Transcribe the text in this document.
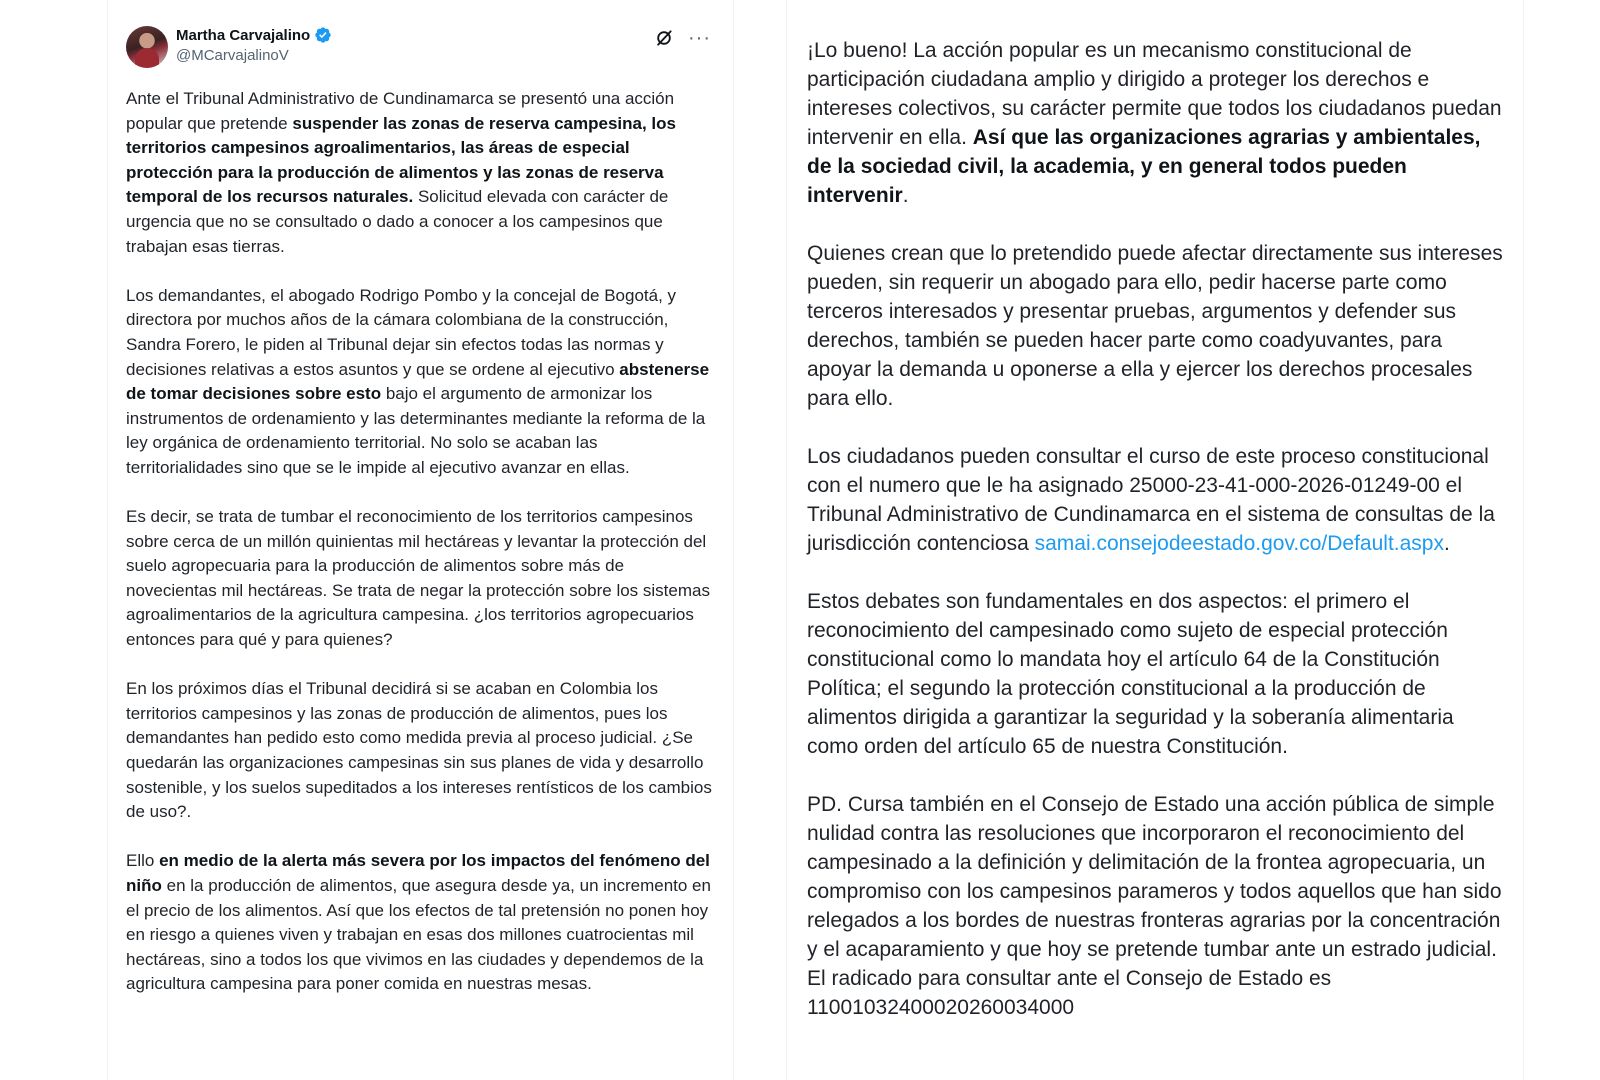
Martha Carvajalino
@MCarvajalinoV
···

Ante el Tribunal Administrativo de Cundinamarca se presentó una acción popular que pretende suspender las zonas de reserva campesina, los territorios campesinos agroalimentarios, las áreas de especial protección para la producción de alimentos y las zonas de reserva temporal de los recursos naturales. Solicitud elevada con carácter de urgencia que no se consultado o dado a conocer a los campesinos que trabajan esas tierras.

Los demandantes, el abogado Rodrigo Pombo y la concejal de Bogotá, y directora por muchos años de la cámara colombiana de la construcción, Sandra Forero, le piden al Tribunal dejar sin efectos todas las normas y decisiones relativas a estos asuntos y que se ordene al ejecutivo abstenerse de tomar decisiones sobre esto bajo el argumento de armonizar los instrumentos de ordenamiento y las determinantes mediante la reforma de la ley orgánica de ordenamiento territorial. No solo se acaban las territorialidades sino que se le impide al ejecutivo avanzar en ellas.

Es decir, se trata de tumbar el reconocimiento de los territorios campesinos sobre cerca de un millón quinientas mil hectáreas y levantar la protección del suelo agropecuaria para la producción de alimentos sobre más de novecientas mil hectáreas. Se trata de negar la protección sobre los sistemas agroalimentarios de la agricultura campesina. ¿los territorios agropecuarios entonces para qué y para quienes?

En los próximos días el Tribunal decidirá si se acaban en Colombia los territorios campesinos y las zonas de producción de alimentos, pues los demandantes han pedido esto como medida previa al proceso judicial. ¿Se quedarán las organizaciones campesinas sin sus planes de vida y desarrollo sostenible, y los suelos supeditados a los intereses rentísticos de los cambios de uso?.

Ello en medio de la alerta más severa por los impactos del fenómeno del niño en la producción de alimentos, que asegura desde ya, un incremento en el precio de los alimentos. Así que los efectos de tal pretensión no ponen hoy en riesgo a quienes viven y trabajan en esas dos millones cuatrocientas mil hectáreas, sino a todos los que vivimos en las ciudades y dependemos de la agricultura campesina para poner comida en nuestras mesas.

¡Lo bueno! La acción popular es un mecanismo constitucional de participación ciudadana amplio y dirigido a proteger los derechos e intereses colectivos, su carácter permite que todos los ciudadanos puedan intervenir en ella. Así que las organizaciones agrarias y ambientales, de la sociedad civil, la academia, y en general todos pueden intervenir.

Quienes crean que lo pretendido puede afectar directamente sus intereses pueden, sin requerir un abogado para ello, pedir hacerse parte como terceros interesados y presentar pruebas, argumentos y defender sus derechos, también se pueden hacer parte como coadyuvantes, para apoyar la demanda u oponerse a ella y ejercer los derechos procesales para ello.

Los ciudadanos pueden consultar el curso de este proceso constitucional con el numero que le ha asignado 25000-23-41-000-2026-01249-00 el Tribunal Administrativo de Cundinamarca en el sistema de consultas de la jurisdicción contenciosa samai.consejodeestado.gov.co/Default.aspx.

Estos debates son fundamentales en dos aspectos: el primero el reconocimiento del campesinado como sujeto de especial protección constitucional como lo mandata hoy el artículo 64 de la Constitución Política; el segundo la protección constitucional a la producción de alimentos dirigida a garantizar la seguridad y la soberanía alimentaria como orden del artículo 65 de nuestra Constitución.

PD. Cursa también en el Consejo de Estado una acción pública de simple nulidad contra las resoluciones que incorporaron el reconocimiento del campesinado a la definición y delimitación de la frontea agropecuaria, un compromiso con los campesinos parameros y todos aquellos que han sido relegados a los bordes de nuestras fronteras agrarias por la concentración y el acaparamiento y que hoy se pretende tumbar ante un estrado judicial. El radicado para consultar ante el Consejo de Estado es 11001032400020260034000
